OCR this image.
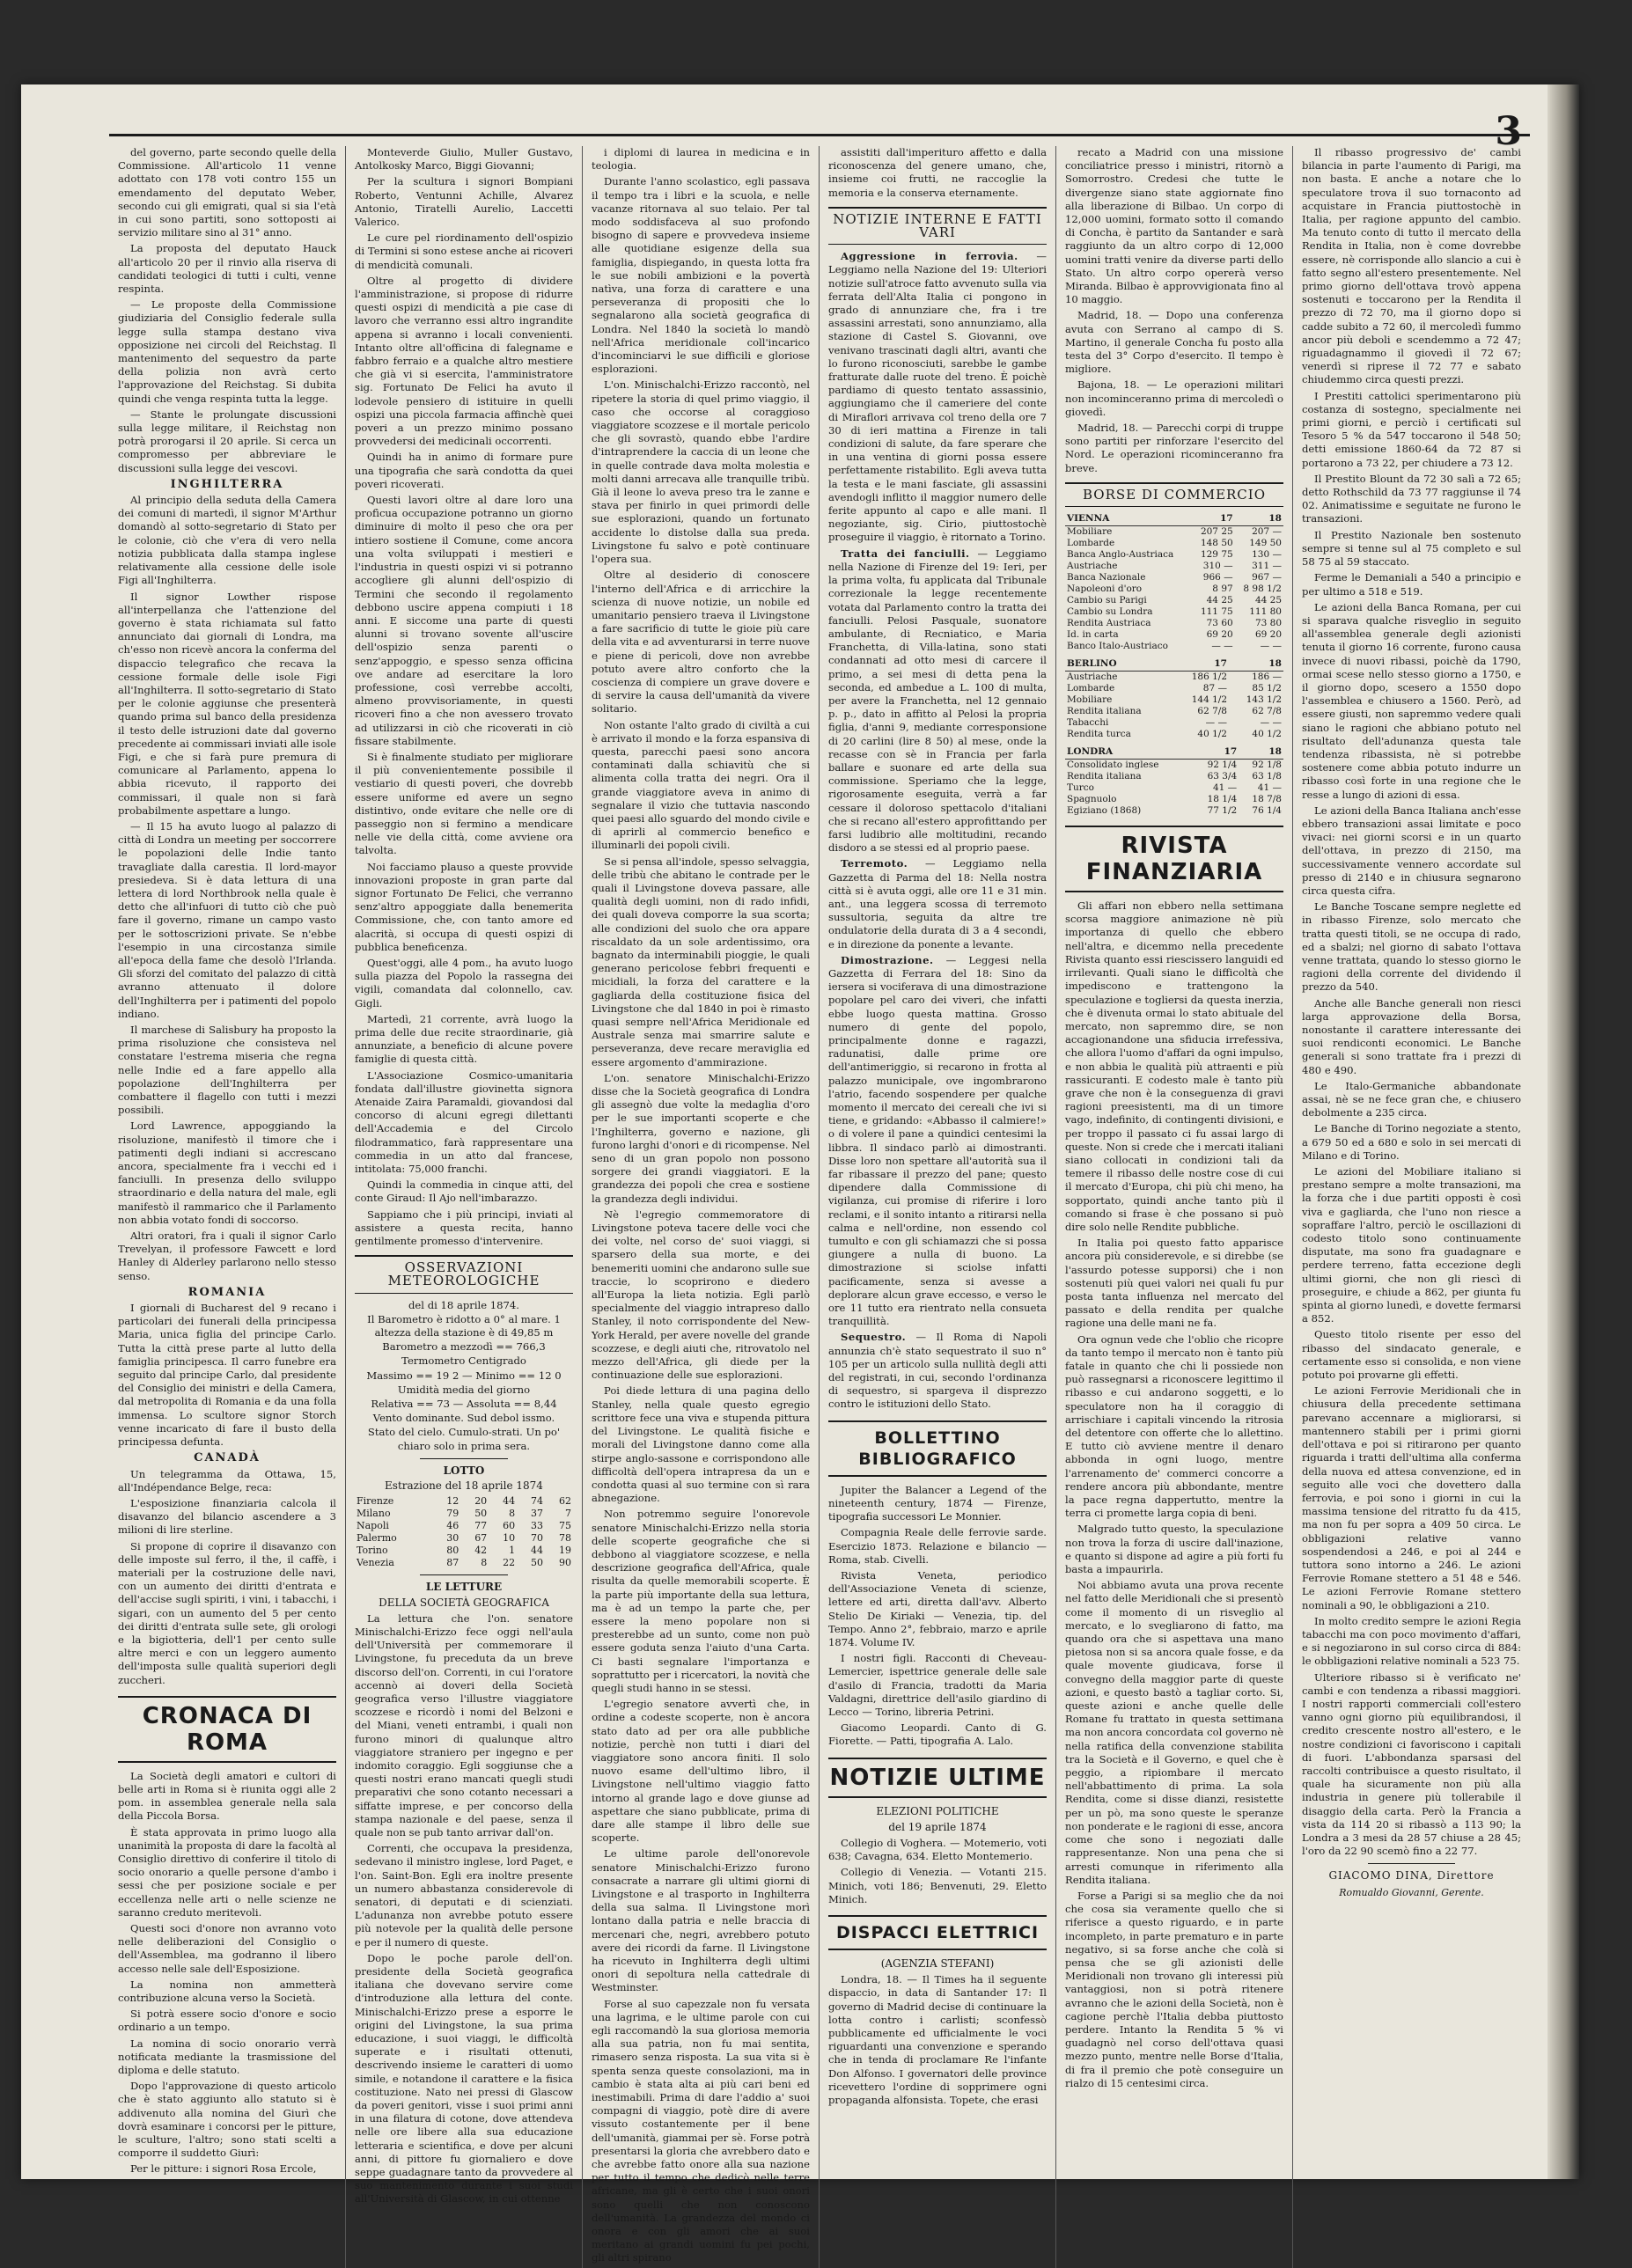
3

del governo, parte secondo quelle della Commissione. All'articolo 11 venne adottato con 178 voti contro 155 un emendamento del deputato Weber, secondo cui gli emigrati, qual si sia l'età in cui sono partiti, sono sottoposti ai servizio militare sino al 31° anno.

La proposta del deputato Hauck all'articolo 20 per il rinvio alla riserva di candidati teologici di tutti i culti, venne respinta.

— Le proposte della Commissione giudiziaria del Consiglio federale sulla legge sulla stampa destano viva opposizione nei circoli del Reichstag. Il mantenimento del sequestro da parte della polizia non avrà certo l'approvazione del Reichstag. Si dubita quindi che venga respinta tutta la legge.

— Stante le prolungate discussioni sulla legge militare, il Reichstag non potrà prorogarsi il 20 aprile. Si cerca un compromesso per abbreviare le discussioni sulla legge dei vescovi.

INGHILTERRA

Al principio della seduta della Camera dei comuni di martedì, il signor M'Arthur domandò al sotto-segretario di Stato per le colonie, ciò che v'era di vero nella notizia pubblicata dalla stampa inglese relativamente alla cessione delle isole Figi all'Inghilterra.

Il signor Lowther rispose all'interpellanza che l'attenzione del governo è stata richiamata sul fatto annunciato dai giornali di Londra, ma ch'esso non ricevè ancora la conferma del dispaccio telegrafico che recava la cessione formale delle isole Figi all'Inghilterra. Il sotto-segretario di Stato per le colonie aggiunse che presenterà quando prima sul banco della presidenza il testo delle istruzioni date dal governo precedente ai commissari inviati alle isole Figi, e che si farà pure premura di comunicare al Parlamento, appena lo abbia ricevuto, il rapporto dei commissari, il quale non si farà probabilmente aspettare a lungo.

— Il 15 ha avuto luogo al palazzo di città di Londra un meeting per soccorrere le popolazioni delle Indie tanto travagliate dalla carestia. Il lord-mayor presiedeva. Si è data lettura di una lettera di lord Northbrook nella quale è detto che all'infuori di tutto ciò che può fare il governo, rimane un campo vasto per le sottoscrizioni private. Se n'ebbe l'esempio in una circostanza simile all'epoca della fame che desolò l'Irlanda. Gli sforzi del comitato del palazzo di città avranno attenuato il dolore dell'Inghilterra per i patimenti del popolo indiano.

Il marchese di Salisbury ha proposto la prima risoluzione che consisteva nel constatare l'estrema miseria che regna nelle Indie ed a fare appello alla popolazione dell'Inghilterra per combattere il flagello con tutti i mezzi possibili.

Lord Lawrence, appoggiando la risoluzione, manifestò il timore che i patimenti degli indiani si accrescano ancora, specialmente fra i vecchi ed i fanciulli. In presenza dello sviluppo straordinario e della natura del male, egli manifestò il rammarico che il Parlamento non abbia votato fondi di soccorso.

Altri oratori, fra i quali il signor Carlo Trevelyan, il professore Fawcett e lord Hanley di Alderley parlarono nello stesso senso.

ROMANIA

I giornali di Bucharest del 9 recano i particolari dei funerali della principessa Maria, unica figlia del principe Carlo. Tutta la città prese parte al lutto della famiglia principesca. Il carro funebre era seguito dal principe Carlo, dal presidente del Consiglio dei ministri e della Camera, dal metropolita di Romania e da una folla immensa. Lo scultore signor Storch venne incaricato di fare il busto della principessa defunta.

CANADÀ

Un telegramma da Ottawa, 15, all'Indépendance Belge, reca:

L'esposizione finanziaria calcola il disavanzo del bilancio ascendere a 3 milioni di lire sterline.

Si propone di coprire il disavanzo con delle imposte sul ferro, il the, il caffè, i materiali per la costruzione delle navi, con un aumento dei diritti d'entrata e dell'accise sugli spiriti, i vini, i tabacchi, i sigari, con un aumento del 5 per cento dei diritti d'entrata sulle sete, gli orologi e la bigiotteria, dell'1 per cento sulle altre merci e con un leggero aumento dell'imposta sulle qualità superiori degli zuccheri.

CRONACA DI ROMA

La Società degli amatori e cultori di belle arti in Roma si è riunita oggi alle 2 pom. in assemblea generale nella sala della Piccola Borsa.

È stata approvata in primo luogo alla unanimità la proposta di dare la facoltà al Consiglio direttivo di conferire il titolo di socio onorario a quelle persone d'ambo i sessi che per posizione sociale e per eccellenza nelle arti o nelle scienze ne saranno creduto meritevoli.

Questi soci d'onore non avranno voto nelle deliberazioni del Consiglio o dell'Assemblea, ma godranno il libero accesso nelle sale dell'Esposizione.

La nomina non ammetterà contribuzione alcuna verso la Società.

Si potrà essere socio d'onore e socio ordinario a un tempo.

La nomina di socio onorario verrà notificata mediante la trasmissione del diploma e delle statuto.

Dopo l'approvazione di questo articolo che è stato aggiunto allo statuto si è addivenuto alla nomina del Giurì che dovrà esaminare i concorsi per le pitture, le sculture, l'altro; sono stati scelti a comporre il suddetto Giurì:

Per le pitture: i signori Rosa Ercole,

Monteverde Giulio, Muller Gustavo, Antolkosky Marco, Biggi Giovanni;

Per la scultura i signori Bompiani Roberto, Ventunni Achille, Alvarez Antonio, Tiratelli Aurelio, Laccetti Valerico.

Le cure pel riordinamento dell'ospizio di Termini si sono estese anche ai ricoveri di mendicità comunali.

Oltre al progetto di dividere l'amministrazione, si propose di ridurre questi ospizi di mendicità a pie case di lavoro che verranno essi altro ingrandite appena si avranno i locali convenienti. Intanto oltre all'officina di falegname e fabbro ferraio e a qualche altro mestiere che già vi si esercita, l'amministratore sig. Fortunato De Felici ha avuto il lodevole pensiero di istituire in quelli ospizi una piccola farmacia affinchè quei poveri a un prezzo minimo possano provvedersi dei medicinali occorrenti.

Quindi ha in animo di formare pure una tipografia che sarà condotta da quei poveri ricoverati.

Questi lavori oltre al dare loro una profìcua occupazione potranno un giorno diminuire di molto il peso che ora per intiero sostiene il Comune, come ancora una volta sviluppati i mestieri e l'industria in questi ospizi vi si potranno accogliere gli alunni dell'ospizio di Termini che secondo il regolamento debbono uscire appena compiuti i 18 anni. E siccome una parte di questi alunni si trovano sovente all'uscire dell'ospizio senza parenti o senz'appoggio, e spesso senza officina ove andare ad esercitare la loro professione, così verrebbe accolti, almeno provvisoriamente, in questi ricoveri fino a che non avessero trovato ad utilizzarsi in ciò che ricoverati in ciò fissare stabilmente.

Si è finalmente studiato per migliorare il più convenientemente possibile il vestiario di questi poveri, che dovrebb essere uniforme ed avere un segno distintivo, onde evitare che nelle ore di passeggio non si fermino a mendicare nelle vie della città, come avviene ora talvolta.

Noi facciamo plauso a queste provvide innovazioni proposte in gran parte dal signor Fortunato De Felici, che verranno senz'altro appoggiate dalla benemerita Commissione, che, con tanto amore ed alacrità, si occupa di questi ospizi di pubblica beneficenza.

Quest'oggi, alle 4 pom., ha avuto luogo sulla piazza del Popolo la rassegna dei vigili, comandata dal colonnello, cav. Gigli.

Martedì, 21 corrente, avrà luogo la prima delle due recite straordinarie, già annunziate, a beneficio di alcune povere famiglie di questa città.

L'Associazione Cosmico-umanitaria fondata dall'illustre giovinetta signora Atenaide Zaira Paramaldi, giovandosi dal concorso di alcuni egregi dilettanti dell'Accademia e del Circolo filodrammatico, farà rappresentare una commedia in un atto dal francese, intitolata: 75,000 franchi.

Quindi la commedia in cinque atti, del conte Giraud: Il Ajo nell'imbarazzo.

Sappiamo che i più principi, inviati al assistere a questa recita, hanno gentilmente promesso d'intervenire.

OSSERVAZIONI METEOROLOGICHE

del di 18 aprile 1874.

Il Barometro è ridotto a 0° al mare. 1 altezza della stazione è di 49,85 m

Barometro a mezzodì == 766,3

Termometro Centigrado

Massimo == 19 2 — Minimo == 12 0

Umidità media del giorno

Relativa == 73 — Assoluta == 8,44

Vento dominante. Sud debol issmo.

Stato del cielo. Cumulo-strati. Un po' chiaro solo in prima sera.

LOTTO

Estrazione del 18 aprile 1874

Firenze	12	20	44	74	62
Milano	79	50	8	37	7
Napoli	46	77	60	33	75
Palermo	30	67	10	70	78
Torino	80	42	1	44	19
Venezia	87	8	22	50	90
LE LETTURE

DELLA SOCIETÀ GEOGRAFICA

La lettura che l'on. senatore Minischalchi-Erizzo fece oggi nell'aula dell'Università per commemorare il Livingstone, fu preceduta da un breve discorso dell'on. Correnti, in cui l'oratore accennò ai doveri della Società geografica verso l'illustre viaggiatore scozzese e ricordò i nomi del Belzoni e del Miani, veneti entrambi, i quali non furono minori di qualunque altro viaggiatore straniero per ingegno e per indomito coraggio. Egli soggiunse che a questi nostri erano mancati quegli studi preparativi che sono cotanto necessari a siffatte imprese, e per concorso della stampa nazionale e del paese, senza il quale non se pub tanto arrivar dall'on.

Correnti, che occupava la presidenza, sedevano il ministro inglese, lord Paget, e l'on. Saint-Bon. Egli era inoltre presente un numero abbastanza considerevole di senatori, di deputati e di scienziati. L'adunanza non avrebbe potuto essere più notevole per la qualità delle persone e per il numero di queste.

Dopo le poche parole dell'on. presidente della Società geografica italiana che dovevano servire come d'introduzione alla lettura del conte. Minischalchi-Erizzo prese a esporre le origini del Livingstone, la sua prima educazione, i suoi viaggi, le difficoltà superate e i risultati ottenuti, descrivendo insieme le caratteri di uomo simile, e notandone il carattere e la fisica costituzione. Nato nei pressi di Glascow da poveri genitori, visse i suoi primi anni in una filatura di cotone, dove attendeva nelle ore libere alla sua educazione letteraria e scientifica, e dove per alcuni anni, di pittore fu giornaliero e dove seppe guadagnare tanto da provvedere al suo mantenimento durante i suoi studi all'Università di Glascow, in cui ottenne

i diplomi di laurea in medicina e in teologia.

Durante l'anno scolastico, egli passava il tempo tra i libri e la scuola, e nelle vacanze ritornava al suo telaio. Per tal modo soddisfaceva al suo profondo bisogno di sapere e provvedeva insieme alle quotidiane esigenze della sua famiglia, dispiegando, in questa lotta fra le sue nobili ambizioni e la povertà natìva, una forza di carattere e una perseveranza di propositi che lo segnalarono alla società geografica di Londra. Nel 1840 la società lo mandò nell'Africa meridionale coll'incarico d'incominciarvi le sue difficili e gloriose esplorazioni.

L'on. Minischalchi-Erizzo raccontò, nel ripetere la storia di quel primo viaggio, il caso che occorse al coraggioso viaggiatore scozzese e il mortale pericolo che gli sovrastò, quando ebbe l'ardire d'intraprendere la caccia di un leone che in quelle contrade dava molta molestia e molti danni arrecava alle tranquille tribù. Già il leone lo aveva preso tra le zanne e stava per finirlo in quei primordi delle sue esplorazioni, quando un fortunato accidente lo distolse dalla sua preda. Livingstone fu salvo e potè continuare l'opera sua.

Oltre al desiderio di conoscere l'interno dell'Africa e di arricchire la scienza di nuove notizie, un nobile ed umanitario pensiero traeva il Livingstone a fare sacrificio di tutte le gioie più care della vita e ad avventurarsi in terre nuove e piene di pericoli, dove non avrebbe potuto avere altro conforto che la coscienza di compiere un grave dovere e di servire la causa dell'umanità da vivere solitario.

Non ostante l'alto grado di civiltà a cui è arrivato il mondo e la forza espansiva di questa, parecchi paesi sono ancora contaminati dalla schiavitù che si alimenta colla tratta dei negri. Ora il grande viaggiatore aveva in animo di segnalare il vizio che tuttavia nascondo quei paesi allo sguardo del mondo civile e di aprirli al commercio benefico e illuminarli dei popoli civili.

Se si pensa all'indole, spesso selvaggia, delle tribù che abitano le contrade per le quali il Livingstone doveva passare, alle qualità degli uomini, non di rado infidi, dei quali doveva comporre la sua scorta; alle condizioni del suolo che ora appare riscaldato da un sole ardentissimo, ora bagnato da interminabili pioggie, le quali generano pericolose febbri frequenti e micidiali, la forza del carattere e la gagliarda della costituzione fisica del Livingstone che dal 1840 in poi è rimasto quasi sempre nell'Africa Meridionale ed Australe senza mai smarrire salute e perseveranza, deve recare meraviglia ed essere argomento d'ammirazione.

L'on. senatore Minischalchi-Erizzo disse che la Società geografica di Londra gli assegnò due volte la medaglia d'oro per le sue importanti scoperte e che l'Inghilterra, governo e nazione, gli furono larghi d'onori e di ricompense. Nel seno di un gran popolo non possono sorgere dei grandi viaggiatori. E la grandezza dei popoli che crea e sostiene la grandezza degli individui.

Nè l'egregio commemoratore di Livingstone poteva tacere delle voci che dei volte, nel corso de' suoi viaggi, si sparsero della sua morte, e dei benemeriti uomini che andarono sulle sue traccie, lo scoprirono e diedero all'Europa la lieta notizia. Egli parlò specialmente del viaggio intrapreso dallo Stanley, il noto corrispondente del New-York Herald, per avere novelle del grande scozzese, e degli aiuti che, ritrovatolo nel mezzo dell'Africa, gli diede per la continuazione delle sue esplorazioni.

Poi diede lettura di una pagina dello Stanley, nella quale questo egregio scrittore fece una viva e stupenda pittura del Livingstone. Le qualità fisiche e morali del Livingstone danno come alla stirpe anglo-sassone e corrispondono alle difficoltà dell'opera intrapresa da un e condotta quasi al suo termine con sì rara abnegazione.

Non potremmo seguire l'onorevole senatore Minischalchi-Erizzo nella storia delle scoperte geografiche che si debbono al viaggiatore scozzese, e nella descrizione geografica dell'Africa, quale risulta da quelle memorabili scoperte. È la parte più importante della sua lettura, ma è ad un tempo la parte che, per essere la meno popolare non si presterebbe ad un sunto, come non può essere goduta senza l'aiuto d'una Carta. Ci basti segnalare l'importanza e soprattutto per i ricercatori, la novità che quegli studi hanno in se stessi.

L'egregio senatore avvertì che, in ordine a codeste scoperte, non è ancora stato dato ad per ora alle pubbliche notizie, perchè non tutti i diari del viaggiatore sono ancora finiti. Il solo nuovo esame dell'ultimo libro, il Livingstone nell'ultimo viaggio fatto intorno al grande lago e dove giunse ad aspettare che siano pubblicate, prima di dare alle stampe il libro delle sue scoperte.

Le ultime parole dell'onorevole senatore Minischalchi-Erizzo furono consacrate a narrare gli ultimi giorni di Livingstone e al trasporto in Inghilterra della sua salma. Il Livingstone morì lontano dalla patria e nelle braccia di mercenari che, negri, avrebbero potuto avere dei ricordi da farne. Il Livingstone ha ricevuto in Inghilterra degli ultimi onori di sepoltura nella cattedrale di Westminster.

Forse al suo capezzale non fu versata una lagrima, e le ultime parole con cui egli raccomandò la sua gloriosa memoria alla sua patria, non fu mai sentita, rimasero senza risposta. La sua vita si è spenta senza queste consolazioni, ma in cambio è stata alta ai più cari beni ed inestimabili. Prima di dare l'addio a' suoi compagni di viaggio, potè dire di avere vissuto costantemente per il bene dell'umanità, giammai per sè. Forse potrà presentarsi la gloria che avrebbero dato e che avrebbe fatto onore alla sua nazione per tutto il tempo che dedicò nelle terre africane, ma gli è certo che i suoi onori sono quelli che non conoscono dell'umanità. La grandezza del mondo ci onora e con gli amori che ai suoi meritano ai grandi uomini fu pei pochi, gli altri spirano

assistiti dall'imperituro affetto e dalla riconoscenza del genere umano, che, insieme coi frutti, ne raccoglie la memoria e la conserva eternamente.

NOTIZIE INTERNE E FATTI VARI

Aggressione in ferrovia. — Leggiamo nella Nazione del 19: Ulteriori notizie sull'atroce fatto avvenuto sulla via ferrata dell'Alta Italia ci pongono in grado di annunziare che, fra i tre assassini arrestati, sono annunziamo, alla stazione di Castel S. Giovanni, ove venivano trascinati dagli altri, avanti che lo furono riconosciuti, sarebbe le gambe fratturate dalle ruote del treno. È poichè pardiamo di questo tentato assassinio, aggiungiamo che il cameriere del conte di Miraflori arrivava col treno della ore 7 30 di ieri mattina a Firenze in tali condizioni di salute, da fare sperare che in una ventina di giorni possa essere perfettamente ristabilito. Egli aveva tutta la testa e le mani fasciate, gli assassini avendogli inflitto il maggior numero delle ferite appunto al capo e alle mani. Il negoziante, sig. Cirio, piuttostochè proseguire il viaggio, è ritornato a Torino.

Tratta dei fanciulli. — Leggiamo nella Nazione di Firenze del 19: Ieri, per la prima volta, fu applicata dal Tribunale correzionale la legge recentemente votata dal Parlamento contro la tratta dei fanciulli. Pelosi Pasquale, suonatore ambulante, di Recniatico, e Maria Franchetta, di Villa-latina, sono stati condannati ad otto mesi di carcere il primo, a sei mesi di detta pena la seconda, ed ambedue a L. 100 di multa, per avere la Franchetta, nel 12 gennaio p. p., dato in affitto al Pelosi la propria figlia, d'anni 9, mediante corresponsione di 20 carlini (lire 8 50) al mese, onde la recasse con sè in Francia per farla ballare e suonare ed arte della sua commissione. Speriamo che la legge, rigorosamente eseguita, verrà a far cessare il doloroso spettacolo d'italiani che si recano all'estero approfittando per farsi ludibrio alle moltitudini, recando disdoro a se stessi ed al proprio paese.

Terremoto. — Leggiamo nella Gazzetta di Parma del 18: Nella nostra città si è avuta oggi, alle ore 11 e 31 min. ant., una leggera scossa di terremoto sussultoria, seguita da altre tre ondulatorie della durata di 3 a 4 secondi, e in direzione da ponente a levante.

Dimostrazione. — Leggesi nella Gazzetta di Ferrara del 18: Sino da iersera si vociferava di una dimostrazione popolare pel caro dei viveri, che infatti ebbe luogo questa mattina. Grosso numero di gente del popolo, principalmente donne e ragazzi, radunatisi, dalle prime ore dell'antimeriggio, si recarono in frotta al palazzo municipale, ove ingombrarono l'atrio, facendo sospendere per qualche momento il mercato dei cereali che ivi si tiene, e gridando: «Abbasso il calmiere!» o di volere il pane a quindici centesimi la libbra. Il sindaco parlò ai dimostranti. Disse loro non spettare all'autorità sua il far ribassare il prezzo del pane; questo dipendere dalla Commissione di vigilanza, cui promise di riferire i loro reclami, e il sonito intanto a ritirarsi nella calma e nell'ordine, non essendo col tumulto e con gli schiamazzi che si possa giungere a nulla di buono. La dimostrazione si sciolse infatti pacificamente, senza si avesse a deplorare alcun grave eccesso, e verso le ore 11 tutto era rientrato nella consueta tranquillità.

Sequestro. — Il Roma di Napoli annunzia ch'è stato sequestrato il suo n° 105 per un articolo sulla nullità degli atti del registrati, in cui, secondo l'ordinanza di sequestro, si spargeva il disprezzo contro le istituzioni dello Stato.

BOLLETTINO BIBLIOGRAFICO

Jupiter the Balancer a Legend of the nineteenth century, 1874 — Firenze, tipografia successori Le Monnier.

Compagnia Reale delle ferrovie sarde. Esercizio 1873. Relazione e bilancio — Roma, stab. Civelli.

Rivista Veneta, periodico dell'Associazione Veneta di scienze, lettere ed arti, diretta dall'avv. Alberto Stelio De Kiriaki — Venezia, tip. del Tempo. Anno 2°, febbraio, marzo e aprile 1874. Volume IV.

I nostri figli. Racconti di Cheveau-Lemercier, ispettrice generale delle sale d'asilo di Francia, tradotti da Maria Valdagni, direttrice dell'asilo giardino di Lecco — Torino, libreria Petrini.

Giacomo Leopardi. Canto di G. Fiorette. — Patti, tipografia A. Lalo.

NOTIZIE ULTIME

ELEZIONI POLITICHE

del 19 aprile 1874

Collegio di Voghera. — Motemerio, voti 638; Cavagna, 634. Eletto Montemerio.

Collegio di Venezia. — Votanti 215. Minich, voti 186; Benvenuti, 29. Eletto Minich.

DISPACCI ELETTRICI

(AGENZIA STEFANI)

Londra, 18. — Il Times ha il seguente dispaccio, in data di Santander 17: Il governo di Madrid decise di continuare la lotta contro i carlisti; sconfessò pubblicamente ed ufficialmente le voci riguardanti una convenzione e sperando che in tenda di proclamare Re l'infante Don Alfonso. I governatori delle province ricevettero l'ordine di sopprimere ogni propaganda alfonsista. Topete, che erasi

recato a Madrid con una missione conciliatrice presso i ministri, ritornò a Somorrostro. Credesi che tutte le divergenze siano state aggiornate fino alla liberazione di Bilbao. Un corpo di 12,000 uomini, formato sotto il comando di Concha, è partito da Santander e sarà raggiunto da un altro corpo di 12,000 uomini tratti venire da diverse parti dello Stato. Un altro corpo opererà verso Miranda. Bilbao è approvvigionata fino al 10 maggio.

Madrid, 18. — Dopo una conferenza avuta con Serrano al campo di S. Martino, il generale Concha fu posto alla testa del 3° Corpo d'esercito. Il tempo è migliore.

Bajona, 18. — Le operazioni militari non incominceranno prima di mercoledì o giovedì.

Madrid, 18. — Parecchi corpi di truppe sono partiti per rinforzare l'esercito del Nord. Le operazioni ricominceranno fra breve.

BORSE DI COMMERCIO
VIENNA	17	18
Mobiliare	207 25	207 —
Lombarde	148 50	149 50
Banca Anglo-Austriaca	129 75	130 —
Austriache	310 —	311 —
Banca Nazionale	966 —	967 —
Napoleoni d'oro	8 97	8 98 1/2
Cambio su Parigi	44 25	44 25
Cambio su Londra	111 75	111 80
Rendita Austriaca	73 60	73 80
Id. in carta	69 20	69 20
Banco Italo-Austriaco	— —	— —
BERLINO	17	18
Austriache	186 1/2	186 —
Lombarde	87 —	85 1/2
Mobiliare	144 1/2	143 1/2
Rendita italiana	62 7/8	62 7/8
Tabacchi	— —	— —
Rendita turca	40 1/2	40 1/2
LONDRA	17	18
Consolidato inglese	92 1/4	92 1/8
Rendita italiana	63 3/4	63 1/8
Turco	41 —	41 —
Spagnuolo	18 1/4	18 7/8
Egiziano (1868)	77 1/2	76 1/4
RIVISTA FINANZIARIA

Gli affari non ebbero nella settimana scorsa maggiore animazione nè più importanza di quello che ebbero nell'altra, e dicemmo nella precedente Rivista quanto essi riescissero languidi ed irrilevanti. Quali siano le difficoltà che impediscono e trattengono la speculazione e togliersi da questa inerzia, che è divenuta ormai lo stato abituale del mercato, non sapremmo dire, se non accagionandone una sfiducia irrefessiva, che allora l'uomo d'affari da ogni impulso, e non abbia le qualità più attraenti e più rassicuranti. E codesto male è tanto più grave che non è la conseguenza di gravi ragioni preesistenti, ma di un timore vago, indefinito, di contingenti divisioni, e per troppo il passato ci fu assai largo di queste. Non si crede che i mercati italiani siano collocati in condizioni tali da temere il ribasso delle nostre cose di cui il mercato d'Europa, chi più chi meno, ha sopportato, quindi anche tanto più il comando si frase è che possano si può dire solo nelle Rendite pubbliche.

In Italia poi questo fatto apparisce ancora più considerevole, e si direbbe (se l'assurdo potesse supporsi) che i non sostenuti più quei valori nei quali fu pur posta tanta influenza nel mercato del passato e della rendita per qualche ragione una delle mani ne fa.

Ora ognun vede che l'oblio che ricopre da tanto tempo il mercato non è tanto più fatale in quanto che chi li possiede non può rassegnarsi a riconoscere legittimo il ribasso e cui andarono soggetti, e lo speculatore non ha il coraggio di arrischiare i capitali vincendo la ritrosia del detentore con offerte che lo allettino. E tutto ciò avviene mentre il denaro abbonda in ogni luogo, mentre l'arrenamento de' commerci concorre a rendere ancora più abbondante, mentre la pace regna dappertutto, mentre la terra ci promette larga copia di beni.

Malgrado tutto questo, la speculazione non trova la forza di uscire dall'inazione, e quanto si dispone ad agire a più forti fu basta a impaurirla.

Noi abbiamo avuta una prova recente nel fatto delle Meridionali che si presentò come il momento di un risveglio al mercato, e lo svegliarono di fatto, ma quando ora che si aspettava una mano pietosa non si sa ancora quale fosse, e da quale movente giudicava, forse il convegno della maggior parte di queste azioni, e questo bastò a tagliar corto. Si, queste azioni e anche quelle delle Romane fu trattato in questa settimana ma non ancora concordata col governo nè nella ratifica della convenzione stabilita tra la Società e il Governo, e quel che è peggio, a ripiombare il mercato nell'abbattimento di prima. La sola Rendita, come si disse dianzi, resistette per un pò, ma sono queste le speranze non ponderate e le ragioni di esse, ancora come che sono i negoziati dalle rappresentanze. Non una pena che si arresti comunque in riferimento alla Rendita italiana.

Forse a Parigi si sa meglio che da noi che cosa sia veramente quello che si riferisce a questo riguardo, e in parte incompleto, in parte prematuro e in parte negativo, si sa forse anche che colà si pensa che se gli azionisti delle Meridionali non trovano gli interessi più vantaggiosi, non si potrà ritenere avranno che le azioni della Società, non è cagione perchè l'Italia debba piuttosto perdere. Intanto la Rendita 5 % vi guadagnò nel corso dell'ottava quasi mezzo punto, mentre nelle Borse d'Italia, di fra il premio che potè conseguire un rialzo di 15 centesimi circa.

Il ribasso progressivo de' cambi bilancia in parte l'aumento di Parigi, ma non basta. E anche a notare che lo speculatore trova il suo tornaconto ad acquistare in Francia piuttostochè in Italia, per ragione appunto del cambio. Ma tenuto conto di tutto il mercato della Rendita in Italia, non è come dovrebbe essere, nè corrisponde allo slancio a cui è fatto segno all'estero presentemente. Nel primo giorno dell'ottava trovò appena sostenuti e toccarono per la Rendita il prezzo di 72 70, ma il giorno dopo si cadde subito a 72 60, il mercoledì fummo ancor più deboli e scendemmo a 72 47; riguadagnammo il giovedì il 72 67; venerdì si riprese il 72 77 e sabato chiudemmo circa questi prezzi.

I Prestiti cattolici sperimentarono più costanza di sostegno, specialmente nei primi giorni, e perciò i certificati sul Tesoro 5 % da 547 toccarono il 548 50; detti emissione 1860-64 da 72 87 si portarono a 73 22, per chiudere a 73 12.

Il Prestito Blount da 72 30 salì a 72 65; detto Rothschild da 73 77 raggiunse il 74 02. Animatissime e seguitate ne furono le transazioni.

Il Prestito Nazionale ben sostenuto sempre si tenne sul al 75 completo e sul 58 75 al 59 staccato.

Ferme le Demaniali a 540 a principio e per ultimo a 518 e 519.

Le azioni della Banca Romana, per cui si sparava qualche risveglio in seguito all'assemblea generale degli azionisti tenuta il giorno 16 corrente, furono causa invece di nuovi ribassi, poichè da 1790, ormai scese nello stesso giorno a 1750, e il giorno dopo, scesero a 1550 dopo l'assemblea e chiusero a 1560. Però, ad essere giusti, non sapremmo vedere quali siano le ragioni che abbiano potuto nel risultato dell'adunanza questa tale tendenza ribassista, nè si potrebbe sostenere come abbia potuto indurre un ribasso così forte in una regione che le resse a lungo di azioni di essa.

Le azioni della Banca Italiana anch'esse ebbero transazioni assai limitate e poco vivaci: nei giorni scorsi e in un quarto dell'ottava, in prezzo di 2150, ma successivamente vennero accordate sul presso di 2140 e in chiusura segnarono circa questa cifra.

Le Banche Toscane sempre neglette ed in ribasso Firenze, solo mercato che tratta questi titoli, se ne occupa di rado, ed a sbalzi; nel giorno di sabato l'ottava venne trattata, quando lo stesso giorno le ragioni della corrente del dividendo il prezzo da 540.

Anche alle Banche generali non riesci larga approvazione della Borsa, nonostante il carattere interessante dei suoi rendiconti economici. Le Banche generali si sono trattate fra i prezzi di 480 e 490.

Le Italo-Germaniche abbandonate assai, nè se ne fece gran che, e chiusero debolmente a 235 circa.

Le Banche di Torino negoziate a stento, a 679 50 ed a 680 e solo in sei mercati di Milano e di Torino.

Le azioni del Mobiliare italiano si prestano sempre a molte transazioni, ma la forza che i due partiti opposti è così viva e gagliarda, che l'uno non riesce a sopraffare l'altro, perciò le oscillazioni di codesto titolo sono continuamente disputate, ma sono fra guadagnare e perdere terreno, fatta eccezione degli ultimi giorni, che non gli riescì di proseguire, e chiude a 862, per giunta fu spinta al giorno lunedì, e dovette fermarsi a 852.

Questo titolo risente per esso del ribasso del sindacato generale, e certamente esso si consolida, e non viene potuto poi provarne gli effetti.

Le azioni Ferrovie Meridionali che in chiusura della precedente settimana parevano accennare a migliorarsi, si mantennero stabili per i primi giorni dell'ottava e poi si ritirarono per quanto riguarda i tratti dell'ultima alla conferma della nuova ed attesa convenzione, ed in seguito alle voci che dovettero dalla ferrovia, e poi sono i giorni in cui la massima tensione del ritratto fu da 415, ma non fu per sopra a 409 50 circa. Le obbligazioni relative vanno sospendendosi a 246, e poi al 244 e tuttora sono intorno a 246. Le azioni Ferrovie Romane stettero a 51 48 e 546. Le azioni Ferrovie Romane stettero nominali a 90, le obbligazioni a 210.

In molto credito sempre le azioni Regia tabacchi ma con poco movimento d'affari, e si negoziarono in sul corso circa di 884: le obbligazioni relative nominali a 523 75.

Ulteriore ribasso si è verificato ne' cambi e con tendenza a ribassi maggiori. I nostri rapporti commerciali coll'estero vanno ogni giorno più equilibrandosi, il credito crescente nostro all'estero, e le nostre condizioni ci favoriscono i capitali di fuori. L'abbondanza sparsasi del raccolti contribuisce a questo risultato, il quale ha sicuramente non più alla industria in genere più tollerabile il disaggio della carta. Però la Francia a vista da 114 20 si ribassò a 113 90; la Londra a 3 mesi da 28 57 chiuse a 28 45; l'oro da 22 90 scemò fino a 22 77.

GIACOMO DINA, Direttore

Romualdo Giovanni, Gerente.
